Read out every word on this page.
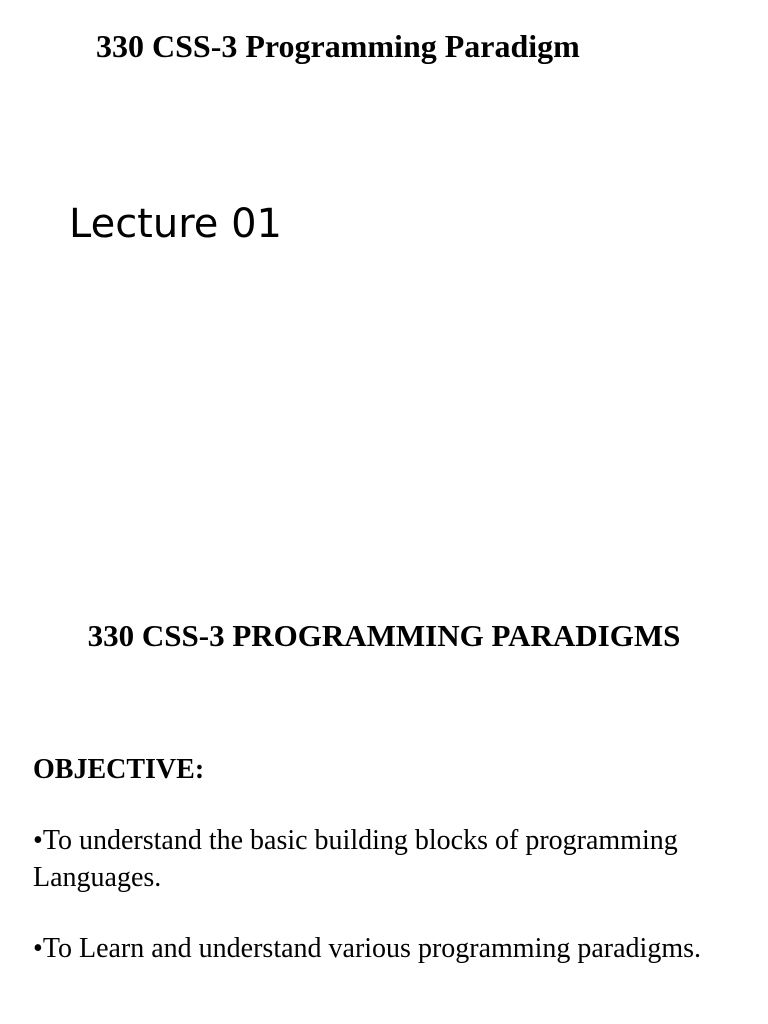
330 CSS-3 Programming Paradigm
Lecture 01
330 CSS-3 PROGRAMMING PARADIGMS
OBJECTIVE:
•To understand the basic building blocks of programming Languages.
•To Learn and understand various programming paradigms.
